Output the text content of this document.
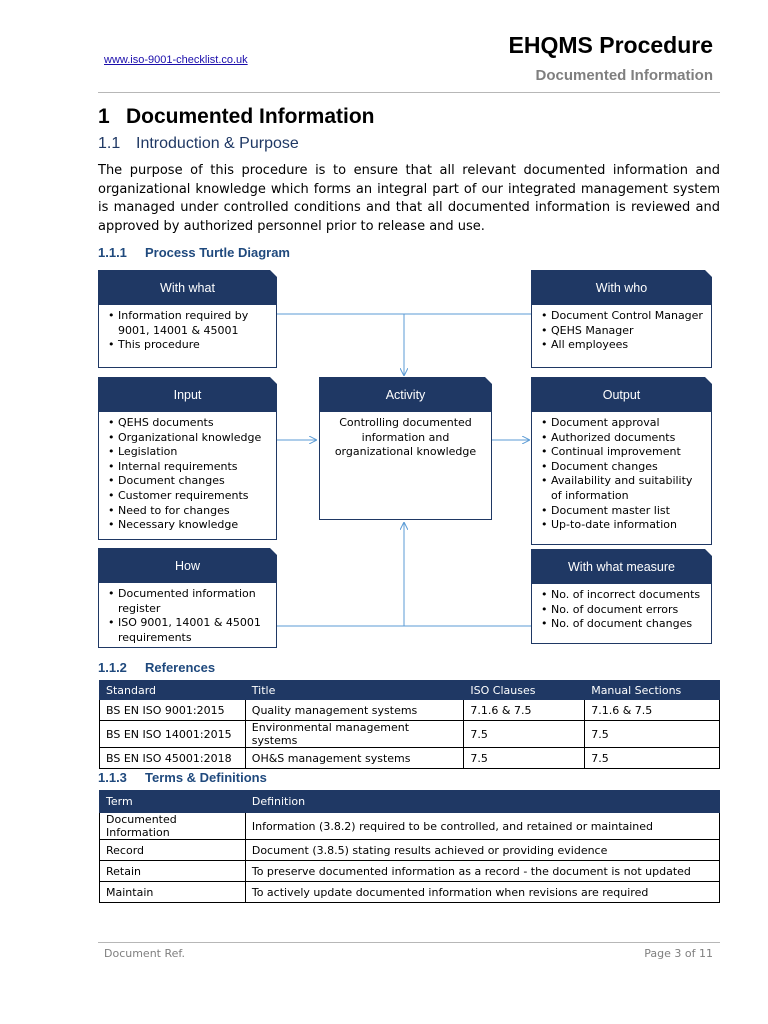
www.iso-9001-checklist.co.uk
EHQMS Procedure
Documented Information
1 Documented Information
1.1 Introduction & Purpose
The purpose of this procedure is to ensure that all relevant documented information and organizational knowledge which forms an integral part of our integrated management system is managed under controlled conditions and that all documented information is reviewed and approved by authorized personnel prior to release and use.
1.1.1 Process Turtle Diagram
With what
• Information required by 9001, 14001 & 45001
• This procedure
With who
• Document Control Manager
• QEHS Manager
• All employees
Input
• QEHS documents
• Organizational knowledge
• Legislation
• Internal requirements
• Document changes
• Customer requirements
• Need to for changes
• Necessary knowledge
Activity
Controlling documented information and organizational knowledge
Output
• Document approval
• Authorized documents
• Continual improvement
• Document changes
• Availability and suitability of information
• Document master list
• Up-to-date information
How
• Documented information register
• ISO 9001, 14001 & 45001 requirements
With what measure
• No. of incorrect documents
• No. of document errors
• No. of document changes
1.1.2 References
Standard	Title	ISO Clauses	Manual Sections
BS EN ISO 9001:2015	Quality management systems	7.1.6 & 7.5	7.1.6 & 7.5
BS EN ISO 14001:2015	Environmental management systems	7.5	7.5
BS EN ISO 45001:2018	OH&S management systems	7.5	7.5
1.1.3 Terms & Definitions
Term	Definition
Documented Information	Information (3.8.2) required to be controlled, and retained or maintained
Record	Document (3.8.5) stating results achieved or providing evidence
Retain	To preserve documented information as a record - the document is not updated
Maintain	To actively update documented information when revisions are required
Document Ref.	Page 3 of 11
